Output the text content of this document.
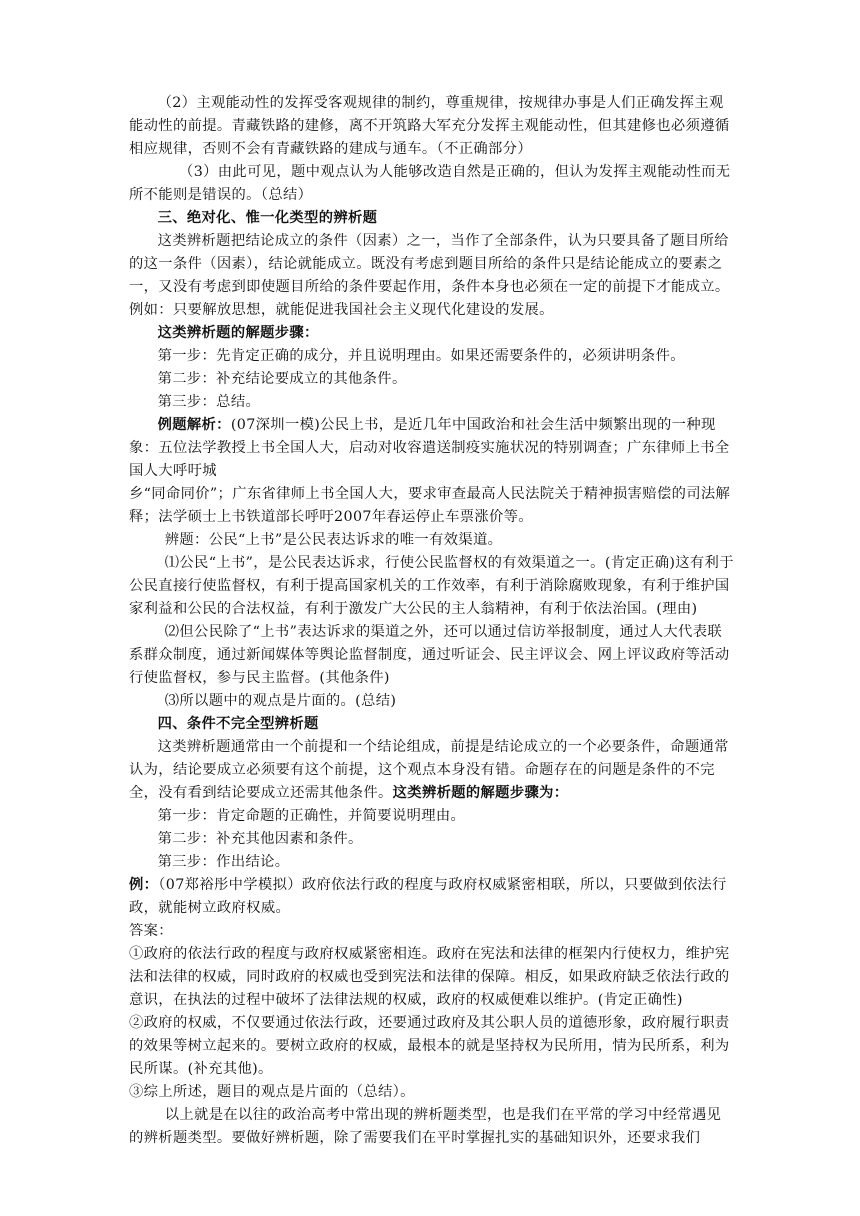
（2）主观能动性的发挥受客观规律的制约，尊重规律，按规律办事是人们正确发挥主观能动性的前提。青藏铁路的建修，离不开筑路大军充分发挥主观能动性，但其建修也必须遵循相应规律，否则不会有青藏铁路的建成与通车。（不正确部分）

（3）由此可见，题中观点认为人能够改造自然是正确的，但认为发挥主观能动性而无所不能则是错误的。（总结）

三、绝对化、惟一化类型的辨析题

这类辨析题把结论成立的条件（因素）之一，当作了全部条件，认为只要具备了题目所给的这一条件（因素），结论就能成立。既没有考虑到题目所给的条件只是结论能成立的要素之一，又没有考虑到即使题目所给的条件要起作用，条件本身也必须在一定的前提下才能成立。例如：只要解放思想，就能促进我国社会主义现代化建设的发展。

这类辨析题的解题步骤：

第一步：先肯定正确的成分，并且说明理由。如果还需要条件的，必须讲明条件。

第二步：补充结论要成立的其他条件。

第三步：总结。

例题解析：(07深圳一模)公民上书，是近几年中国政治和社会生活中频繁出现的一种现象：五位法学教授上书全国人大，启动对收容遣送制疫实施状况的特别调查；广东律师上书全国人大呼吁城

乡“同命同价”；广东省律师上书全国人大，要求审查最高人民法院关于精神损害赔偿的司法解释；法学硕士上书铁道部长呼吁2007年春运停止车票涨价等。

辨题：公民“上书”是公民表达诉求的唯一有效渠道。

⑴公民“上书”，是公民表达诉求，行使公民监督权的有效渠道之一。(肯定正确)这有利于公民直接行使监督权，有利于提高国家机关的工作效率，有利于消除腐败现象，有利于维护国家利益和公民的合法权益，有利于激发广大公民的主人翁精神，有利于依法治国。(理由)

⑵但公民除了“上书”表达诉求的渠道之外，还可以通过信访举报制度，通过人大代表联系群众制度，通过新闻媒体等舆论监督制度，通过听证会、民主评议会、网上评议政府等活动行使监督权，参与民主监督。(其他条件)

⑶所以题中的观点是片面的。(总结)

四、条件不完全型辨析题

这类辨析题通常由一个前提和一个结论组成，前提是结论成立的一个必要条件，命题通常认为，结论要成立必须要有这个前提，这个观点本身没有错。命题存在的问题是条件的不完全，没有看到结论要成立还需其他条件。这类辨析题的解题步骤为：

第一步：肯定命题的正确性，并简要说明理由。

第二步：补充其他因素和条件。

第三步：作出结论。

例：（07郑裕彤中学模拟）政府依法行政的程度与政府权威紧密相联，所以，只要做到依法行政，就能树立政府权威。

答案：

①政府的依法行政的程度与政府权威紧密相连。政府在宪法和法律的框架内行使权力，维护宪法和法律的权威，同时政府的权威也受到宪法和法律的保障。相反，如果政府缺乏依法行政的意识，在执法的过程中破坏了法律法规的权威，政府的权威便难以维护。(肯定正确性)

②政府的权威，不仅要通过依法行政，还要通过政府及其公职人员的道德形象，政府履行职责的效果等树立起来的。要树立政府的权威，最根本的就是坚持权为民所用，情为民所系，利为民所谋。(补充其他)。

③综上所述，题目的观点是片面的（总结）。

以上就是在以往的政治高考中常出现的辨析题类型，也是我们在平常的学习中经常遇见的辨析题类型。要做好辨析题，除了需要我们在平时掌握扎实的基础知识外，还要求我们
